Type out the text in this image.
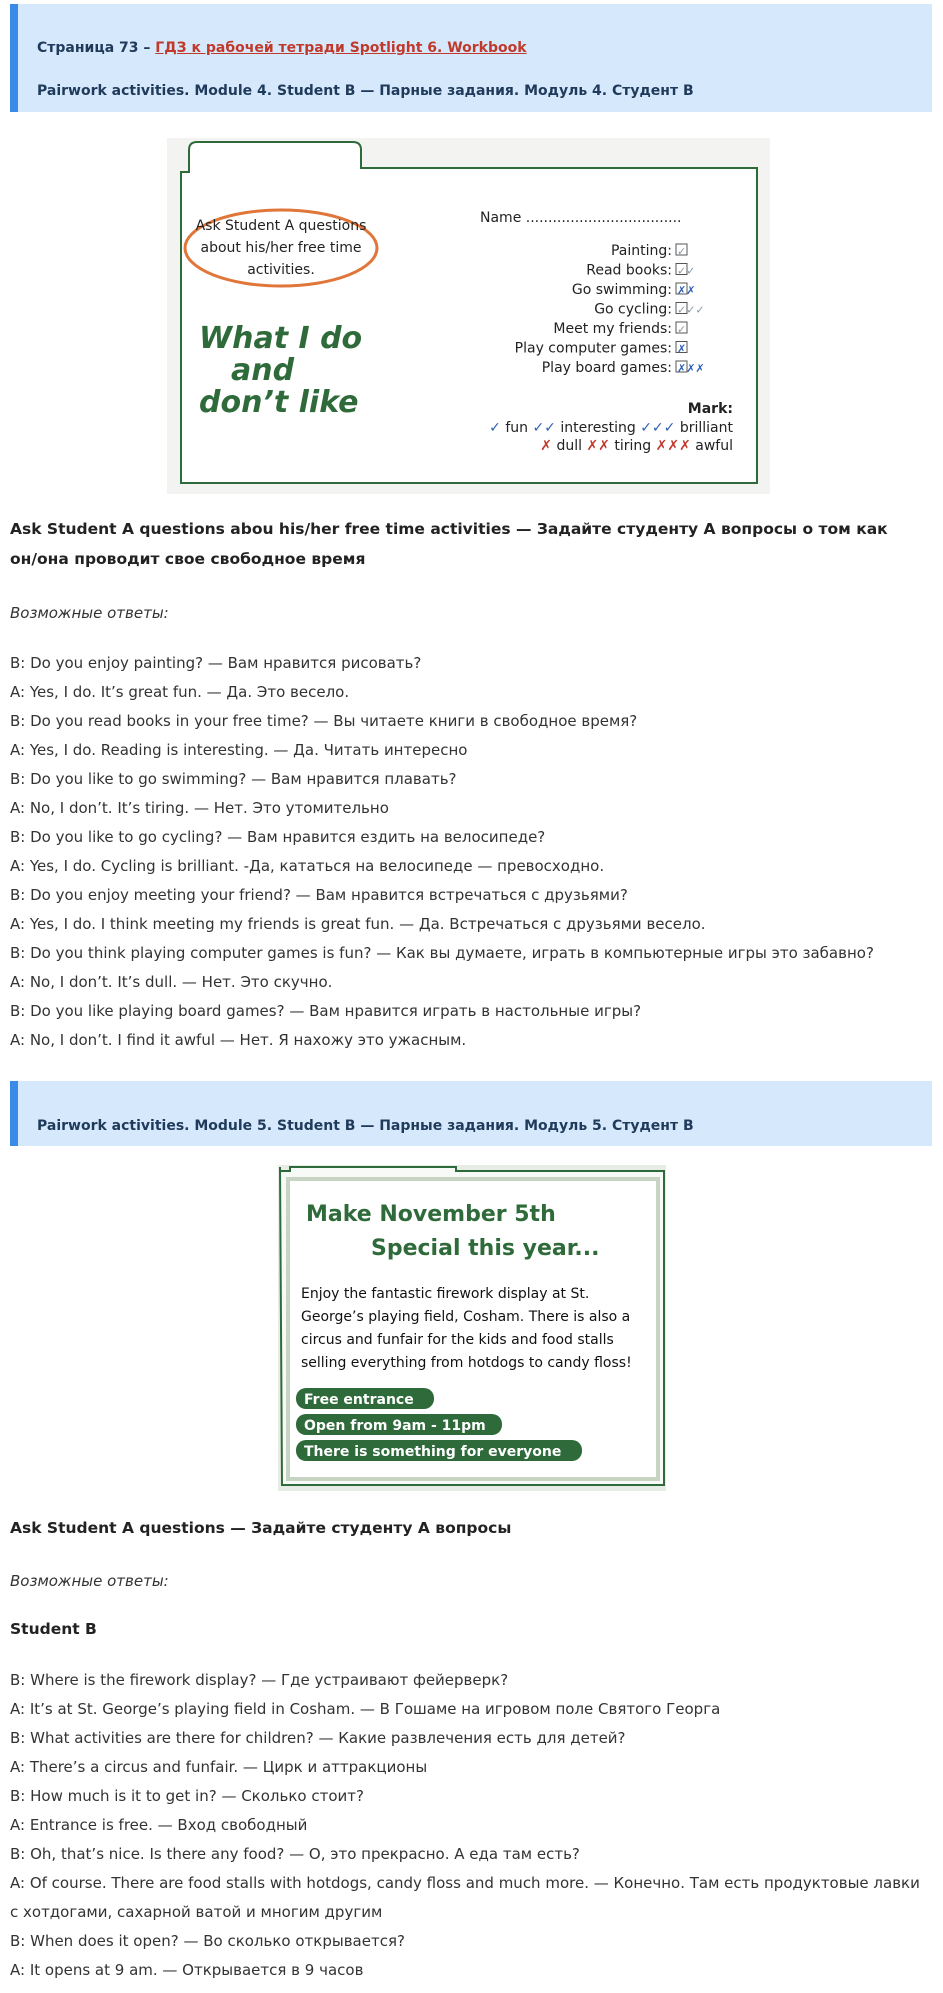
Страница 73 – ГДЗ к рабочей тетради Spotlight 6. Workbook
Pairwork activities. Module 4. Student B — Парные задания. Модуль 4. Студент B
Ask Student A questions
about his/her free time
activities.
What I do
and
don’t like
Name ...................................
Painting: ✓
Read books: ✓✓
Go swimming: ✗✗
Go cycling: ✓✓✓
Meet my friends: ✓
Play computer games: ✗
Play board games: ✗✗✗
Mark:
✓ fun ✓✓ interesting ✓✓✓ brilliant
✗ dull ✗✗ tiring ✗✗✗ awful
Ask Student A questions abou his/her free time activities — Задайте студенту А вопросы о том как он/она проводит свое свободное время
Возможные ответы:
B: Do you enjoy painting? — Вам нравится рисовать?
A: Yes, I do. It’s great fun. — Да. Это весело.
B: Do you read books in your free time? — Вы читаете книги в свободное время?
A: Yes, I do. Reading is interesting. — Да. Читать интересно
B: Do you like to go swimming? — Вам нравится плавать?
A: No, I don’t. It’s tiring. — Нет. Это утомительно
B: Do you like to go cycling? — Вам нравится ездить на велосипеде?
A: Yes, I do. Cycling is brilliant. -Да, кататься на велосипеде — превосходно.
B: Do you enjoy meeting your friend? — Вам нравится встречаться с друзьями?
A: Yes, I do. I think meeting my friends is great fun. — Да. Встречаться с друзьями весело.
B: Do you think playing computer games is fun? — Как вы думаете, играть в компьютерные игры это забавно?
A: No, I don’t. It’s dull. — Нет. Это скучно.
B: Do you like playing board games? — Вам нравится играть в настольные игры?
A: No, I don’t. I find it awful — Нет. Я нахожу это ужасным.
Pairwork activities. Module 5. Student B — Парные задания. Модуль 5. Студент B
Make November 5th
Special this year...
Enjoy the fantastic firework display at St.
George’s playing field, Cosham. There is also a
circus and funfair for the kids and food stalls
selling everything from hotdogs to candy floss!
Free entrance
Open from 9am - 11pm
There is something for everyone
Ask Student A questions — Задайте студенту А вопросы
Возможные ответы:
Student B
B: Where is the firework display? — Где устраивают фейерверк?
A: It’s at St. George’s playing field in Cosham. — В Гошаме на игровом поле Святого Георга
B: What activities are there for children? — Какие развлечения есть для детей?
A: There’s a circus and funfair. — Цирк и аттракционы
B: How much is it to get in? — Сколько стоит?
A: Entrance is free. — Вход свободный
B: Oh, that’s nice. Is there any food? — О, это прекрасно. А еда там есть?
A: Of course. There are food stalls with hotdogs, candy floss and much more. — Конечно. Там есть продуктовые лавки с хотдогами, сахарной ватой и многим другим
B: When does it open? — Во сколько открывается?
A: It opens at 9 am. — Открывается в 9 часов
